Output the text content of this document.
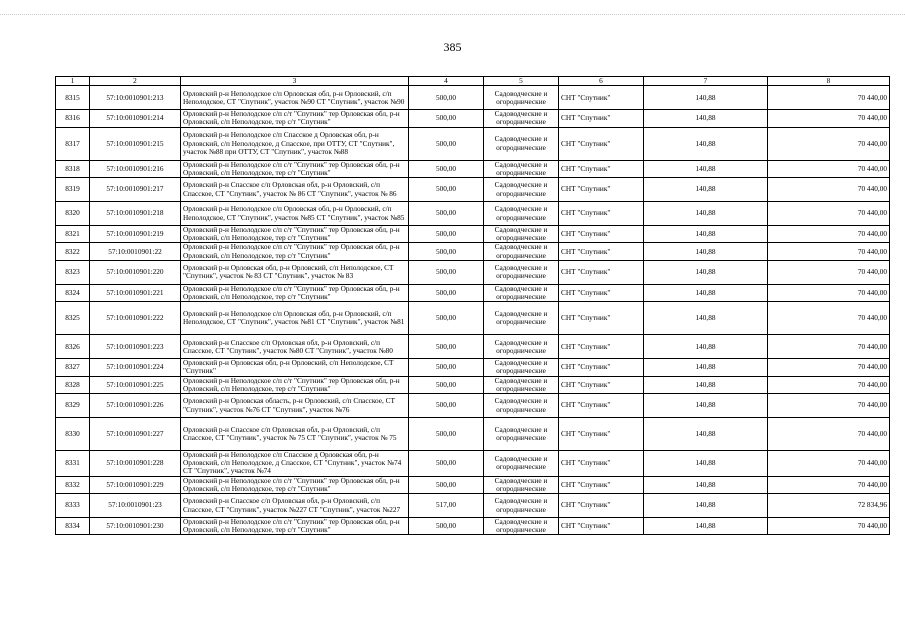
385
1	2	3	4	5	6	7	8
8315	57:10:0010901:213	Орловский р-н Неполодское с/п Орловская обл, р-н Орловский, с/п Неполодское, СТ "Спутник", участок №90 СТ "Спутник", участок №90	500,00	Садоводческие и огороднические	СНТ "Спутник"	140,88	70 440,00
8316	57:10:0010901:214	Орловский р-н Неполодское с/п с/т "Спутник" тер Орловская обл, р-н Орловский, с/п Неполодское, тер с/т "Спутник"	500,00	Садоводческие и огороднические	СНТ "Спутник"	140,88	70 440,00
8317	57:10:0010901:215	Орловский р-н Неполодское с/п Спасское д Орловская обл, р-н Орловский, с/п Неполодское, д Спасское, при ОТТУ, СТ "Спутник", участок №88 при ОТТУ, СТ "Спутник", участок №88	500,00	Садоводческие и огороднические	СНТ "Спутник"	140,88	70 440,00
8318	57:10:0010901:216	Орловский р-н Неполодское с/п с/т "Спутник" тер Орловская обл, р-н Орловский, с/п Неполодское, тер с/т "Спутник"	500,00	Садоводческие и огороднические	СНТ "Спутник"	140,88	70 440,00
8319	57:10:0010901:217	Орловский р-н Спасское с/п Орловская обл, р-н Орловский, с/п Спасское, СТ "Спутник", участок № 86 СТ "Спутник", участок № 86	500,00	Садоводческие и огороднические	СНТ "Спутник"	140,88	70 440,00
8320	57:10:0010901:218	Орловский р-н Неполодское с/п Орловская обл, р-н Орловский, с/п Неполодское, СТ "Спутник", участок №85 СТ "Спутник", участок №85	500,00	Садоводческие и огороднические	СНТ "Спутник"	140,88	70 440,00
8321	57:10:0010901:219	Орловский р-н Неполодское с/п с/т "Спутник" тер Орловская обл, р-н Орловский, с/п Неполодское, тер с/т "Спутник"	500,00	Садоводческие и огороднические	СНТ "Спутник"	140,88	70 440,00
8322	57:10:0010901:22	Орловский р-н Неполодское с/п с/т "Спутник" тер Орловская обл, р-н Орловский, с/п Неполодское, тер с/т "Спутник"	500,00	Садоводческие и огороднические	СНТ "Спутник"	140,88	70 440,00
8323	57:10:0010901:220	Орловский р-н Орловская обл, р-н Орловский, с/п Неполодское, СТ "Спутник", участок № 83 СТ "Спутник", участок № 83	500,00	Садоводческие и огороднические	СНТ "Спутник"	140,88	70 440,00
8324	57:10:0010901:221	Орловский р-н Неполодское с/п с/т "Спутник" тер Орловская обл, р-н Орловский, с/п Неполодское, тер с/т "Спутник"	500,00	Садоводческие и огороднические	СНТ "Спутник"	140,88	70 440,00
8325	57:10:0010901:222	Орловский р-н Неполодское с/п Орловская обл, р-н Орловский, с/п Неполодское, СТ "Спутник", участок №81 СТ "Спутник", участок №81	500,00	Садоводческие и огороднические	СНТ "Спутник"	140,88	70 440,00
8326	57:10:0010901:223	Орловский р-н Спасское с/п Орловская обл, р-н Орловский, с/п Спасское, СТ "Спутник", участок №80 СТ "Спутник", участок №80	500,00	Садоводческие и огороднические	СНТ "Спутник"	140,88	70 440,00
8327	57:10:0010901:224	Орловский р-н Орловская обл, р-н Орловский, с/п Неполодское, СТ "Спутник"	500,00	Садоводческие и огороднические	СНТ "Спутник"	140,88	70 440,00
8328	57:10:0010901:225	Орловский р-н Неполодское с/п с/т "Спутник" тер Орловская обл, р-н Орловский, с/п Неполодское, тер с/т "Спутник"	500,00	Садоводческие и огороднические	СНТ "Спутник"	140,88	70 440,00
8329	57:10:0010901:226	Орловский р-н Орловская область, р-н Орловский, с/п Спасское, СТ "Спутник", участок №76 СТ "Спутник", участок №76	500,00	Садоводческие и огороднические	СНТ "Спутник"	140,88	70 440,00
8330	57:10:0010901:227	Орловский р-н Спасское с/п Орловская обл, р-н Орловский, с/п Спасское, СТ "Спутник", участок № 75 СТ "Спутник", участок № 75	500,00	Садоводческие и огороднические	СНТ "Спутник"	140,88	70 440,00
8331	57:10:0010901:228	Орловский р-н Неполодское с/п Спасское д Орловская обл, р-н Орловский, с/п Неполодское, д Спасское, СТ "Спутник", участок №74 СТ "Спутник", участок №74	500,00	Садоводческие и огороднические	СНТ "Спутник"	140,88	70 440,00
8332	57:10:0010901:229	Орловский р-н Неполодское с/п с/т "Спутник" тер Орловская обл, р-н Орловский, с/п Неполодское, тер с/т "Спутник"	500,00	Садоводческие и огороднические	СНТ "Спутник"	140,88	70 440,00
8333	57:10:0010901:23	Орловский р-н Спасское с/п Орловская обл, р-н Орловский, с/п Спасское, СТ "Спутник", участок №227 СТ "Спутник", участок №227	517,00	Садоводческие и огороднические	СНТ "Спутник"	140,88	72 834,96
8334	57:10:0010901:230	Орловский р-н Неполодское с/п с/т "Спутник" тер Орловская обл, р-н Орловский, с/п Неполодское, тер с/т "Спутник"	500,00	Садоводческие и огороднические	СНТ "Спутник"	140,88	70 440,00
